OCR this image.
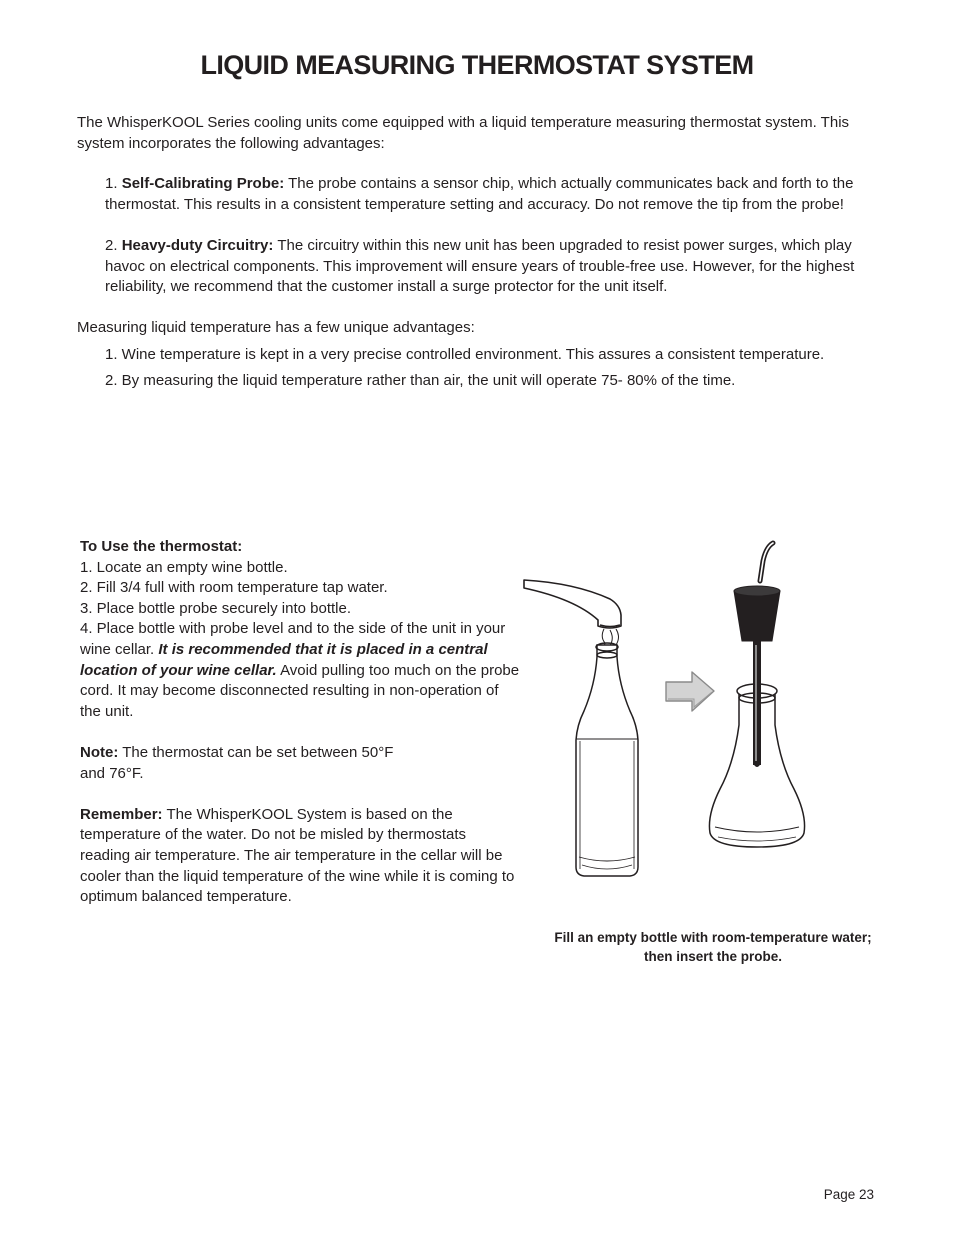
LIQUID MEASURING THERMOSTAT SYSTEM

The WhisperKOOL Series cooling units come equipped with a liquid temperature measuring thermostat system. This system incorporates the following advantages:

1. Self-Calibrating Probe: The probe contains a sensor chip, which actually communicates back and forth to the thermostat. This results in a consistent temperature setting and accuracy. Do not remove the tip from the probe!

2. Heavy-duty Circuitry: The circuitry within this new unit has been upgraded to resist power surges, which play havoc on electrical components. This improvement will ensure years of trouble-free use. However, for the highest reliability, we recommend that the customer install a surge protector for the unit itself.

Measuring liquid temperature has a few unique advantages:

1. Wine temperature is kept in a very precise controlled environment. This assures a consistent temperature.

2. By measuring the liquid temperature rather than air, the unit will operate 75- 80% of the time.

To Use the thermostat:

1. Locate an empty wine bottle.

2. Fill 3/4 full with room temperature tap water.

3. Place bottle probe securely into bottle.

4. Place bottle with probe level and to the side of the unit in your wine cellar. It is recommended that it is placed in a central location of your wine cellar. Avoid pulling too much on the probe cord. It may become disconnected resulting in non-operation of the unit.

Note: The thermostat can be set between 50°F and 76°F.

Remember: The WhisperKOOL System is based on the temperature of the water. Do not be misled by thermostats reading air temperature. The air temperature in the cellar will be cooler than the liquid temperature of the wine while it is coming to optimum balanced temperature.

Fill an empty bottle with room-temperature water; then insert the probe.

Page 23
